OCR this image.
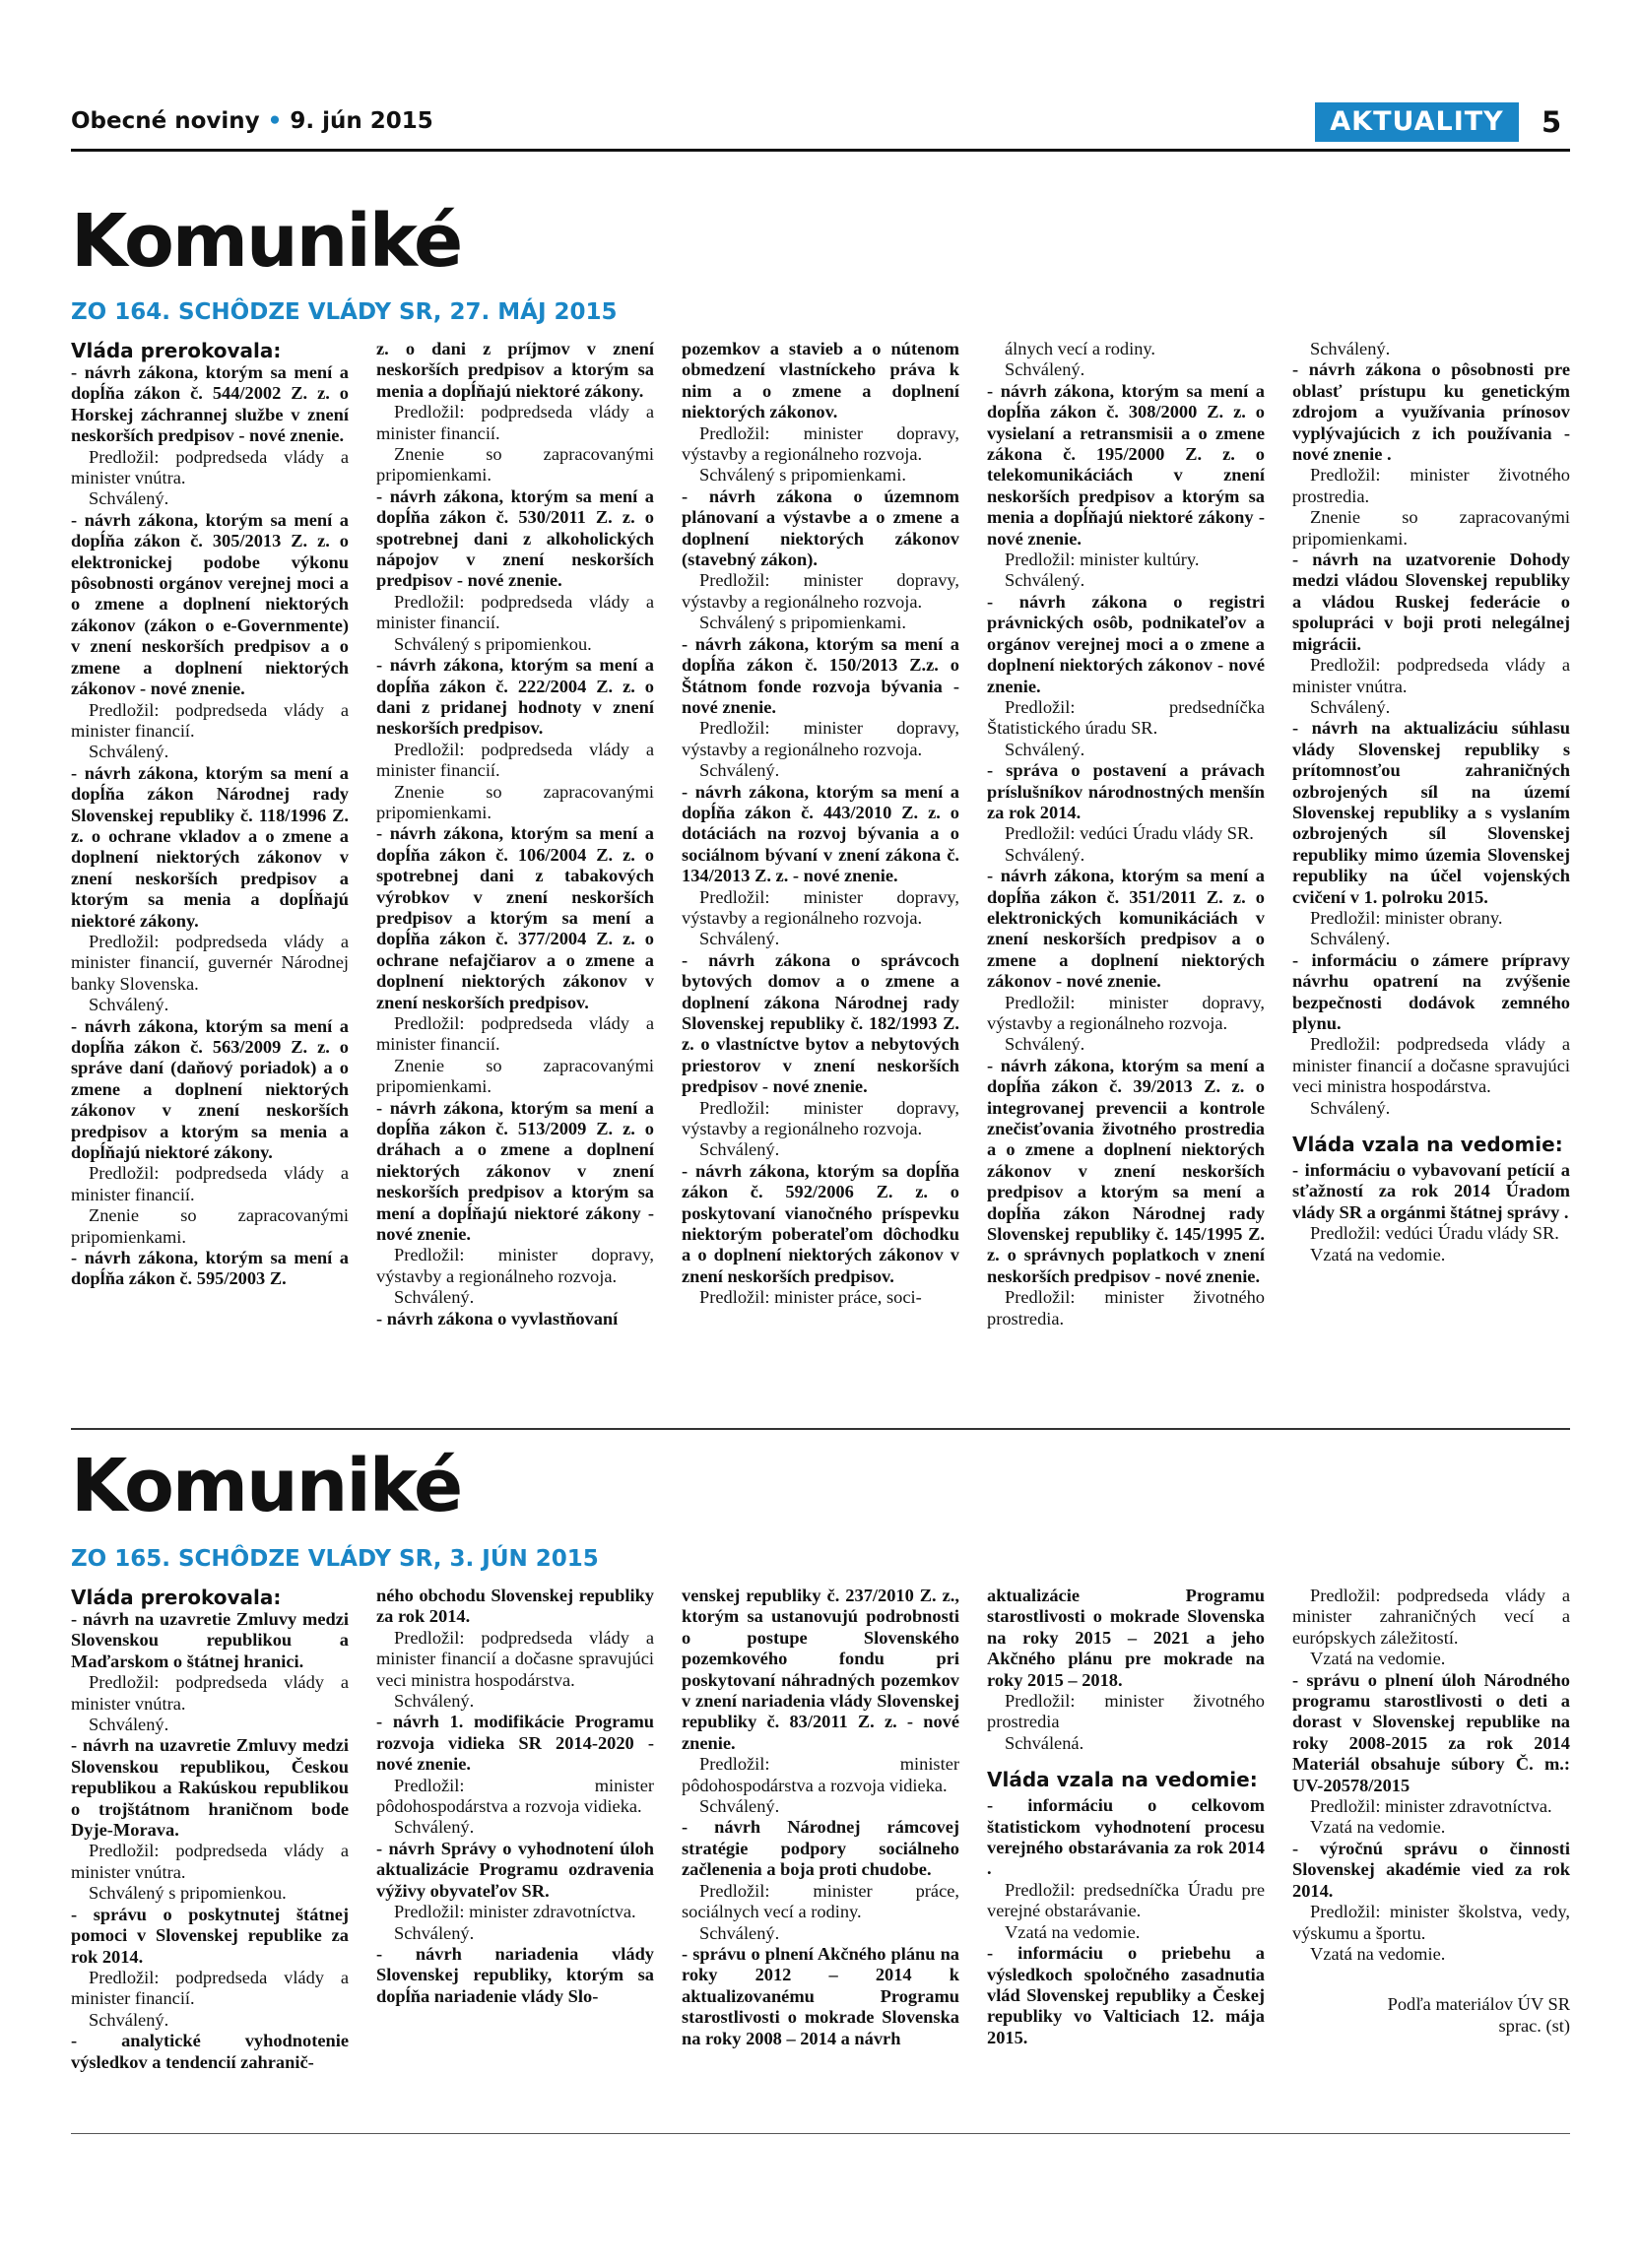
Obecné noviny • 9. jún 2015	AKTUALITY	5
Komuniké
ZO 164. SCHÔDZE VLÁDY SR, 27. MÁJ 2015

Vláda prerokovala:

- návrh zákona, ktorým sa mení a dopĺňa zákon č. 544/2002 Z. z. o Horskej záchrannej službe v znení neskorších predpisov - nové znenie.

Predložil: podpredseda vlády a minister vnútra.

Schválený.

- návrh zákona, ktorým sa mení a dopĺňa zákon č. 305/2013 Z. z. o elektronickej podobe výkonu pôsobnosti orgánov verejnej moci a o zmene a doplnení niektorých zákonov (zákon o e-Governmente) v znení neskorších predpisov a o zmene a doplnení niektorých zákonov - nové znenie.

Predložil: podpredseda vlády a minister financií.

Schválený.

- návrh zákona, ktorým sa mení a dopĺňa zákon Národnej rady Slovenskej republiky č. 118/1996 Z. z. o ochrane vkladov a o zmene a doplnení niektorých zákonov v znení neskorších predpisov a ktorým sa menia a dopĺňajú niektoré zákony.

Predložil: podpredseda vlády a minister financií, guvernér Národnej banky Slovenska.

Schválený.

- návrh zákona, ktorým sa mení a dopĺňa zákon č. 563/2009 Z. z. o správe daní (daňový poriadok) a o zmene a doplnení niektorých zákonov v znení neskorších predpisov a ktorým sa menia a dopĺňajú niektoré zákony.

Predložil: podpredseda vlády a minister financií.

Znenie so zapracovanými pripomienkami.

- návrh zákona, ktorým sa mení a dopĺňa zákon č. 595/2003 Z.

z. o dani z príjmov v znení neskorších predpisov a ktorým sa menia a dopĺňajú niektoré zákony.

Predložil: podpredseda vlády a minister financií.

Znenie so zapracovanými pripomienkami.

- návrh zákona, ktorým sa mení a dopĺňa zákon č. 530/2011 Z. z. o spotrebnej dani z alkoholických nápojov v znení neskorších predpisov - nové znenie.

Predložil: podpredseda vlády a minister financií.

Schválený s pripomienkou.

- návrh zákona, ktorým sa mení a dopĺňa zákon č. 222/2004 Z. z. o dani z pridanej hodnoty v znení neskorších predpisov.

Predložil: podpredseda vlády a minister financií.

Znenie so zapracovanými pripomienkami.

- návrh zákona, ktorým sa mení a dopĺňa zákon č. 106/2004 Z. z. o spotrebnej dani z tabakových výrobkov v znení neskorších predpisov a ktorým sa mení a dopĺňa zákon č. 377/2004 Z. z. o ochrane nefajčiarov a o zmene a doplnení niektorých zákonov v znení neskorších predpisov.

Predložil: podpredseda vlády a minister financií.

Znenie so zapracovanými pripomienkami.

- návrh zákona, ktorým sa mení a dopĺňa zákon č. 513/2009 Z. z. o dráhach a o zmene a doplnení niektorých zákonov v znení neskorších predpisov a ktorým sa mení a dopĺňajú niektoré zákony - nové znenie.

Predložil: minister dopravy, výstavby a regionálneho rozvoja.

Schválený.

- návrh zákona o vyvlastňovaní

pozemkov a stavieb a o nútenom obmedzení vlastníckeho práva k nim a o zmene a doplnení niektorých zákonov.

Predložil: minister dopravy, výstavby a regionálneho rozvoja.

Schválený s pripomienkami.

- návrh zákona o územnom plánovaní a výstavbe a o zmene a doplnení niektorých zákonov (stavebný zákon).

Predložil: minister dopravy, výstavby a regionálneho rozvoja.

Schválený s pripomienkami.

- návrh zákona, ktorým sa mení a dopĺňa zákon č. 150/2013 Z.z. o Štátnom fonde rozvoja bývania - nové znenie.

Predložil: minister dopravy, výstavby a regionálneho rozvoja.

Schválený.

- návrh zákona, ktorým sa mení a dopĺňa zákon č. 443/2010 Z. z. o dotáciách na rozvoj bývania a o sociálnom bývaní v znení zákona č. 134/2013 Z. z. - nové znenie.

Predložil: minister dopravy, výstavby a regionálneho rozvoja.

Schválený.

- návrh zákona o správcoch bytových domov a o zmene a doplnení zákona Národnej rady Slovenskej republiky č. 182/1993 Z. z. o vlastníctve bytov a nebytových priestorov v znení neskorších predpisov - nové znenie.

Predložil: minister dopravy, výstavby a regionálneho rozvoja.

Schválený.

- návrh zákona, ktorým sa dopĺňa zákon č. 592/2006 Z. z. o poskytovaní vianočného príspevku niektorým poberateľom dôchodku a o doplnení niektorých zákonov v znení neskorších predpisov.

Predložil: minister práce, soci-

álnych vecí a rodiny.

Schválený.

- návrh zákona, ktorým sa mení a dopĺňa zákon č. 308/2000 Z. z. o vysielaní a retransmisii a o zmene zákona č. 195/2000 Z. z. o telekomunikáciách v znení neskorších predpisov a ktorým sa menia a dopĺňajú niektoré zákony - nové znenie.

Predložil: minister kultúry.

Schválený.

- návrh zákona o registri právnických osôb, podnikateľov a orgánov verejnej moci a o zmene a doplnení niektorých zákonov - nové znenie.

Predložil: predsedníčka Štatistického úradu SR.

Schválený.

- správa o postavení a právach príslušníkov národnostných menšín za rok 2014.

Predložil: vedúci Úradu vlády SR.

Schválený.

- návrh zákona, ktorým sa mení a dopĺňa zákon č. 351/2011 Z. z. o elektronických komunikáciách v znení neskorších predpisov a o zmene a doplnení niektorých zákonov - nové znenie.

Predložil: minister dopravy, výstavby a regionálneho rozvoja.

Schválený.

- návrh zákona, ktorým sa mení a dopĺňa zákon č. 39/2013 Z. z. o integrovanej prevencii a kontrole znečisťovania životného prostredia a o zmene a doplnení niektorých zákonov v znení neskorších predpisov a ktorým sa mení a dopĺňa zákon Národnej rady Slovenskej republiky č. 145/1995 Z. z. o správnych poplatkoch v znení neskorších predpisov - nové znenie.

Predložil: minister životného prostredia.

Schválený.

- návrh zákona o pôsobnosti pre oblasť prístupu ku genetickým zdrojom a využívania prínosov vyplývajúcich z ich používania - nové znenie .

Predložil: minister životného prostredia.

Znenie so zapracovanými pripomienkami.

- návrh na uzatvorenie Dohody medzi vládou Slovenskej republiky a vládou Ruskej federácie o spolupráci v boji proti nelegálnej migrácii.

Predložil: podpredseda vlády a minister vnútra.

Schválený.

- návrh na aktualizáciu súhlasu vlády Slovenskej republiky s prítomnosťou zahraničných ozbrojených síl na území Slovenskej republiky a s vyslaním ozbrojených síl Slovenskej republiky mimo územia Slovenskej republiky na účel vojenských cvičení v 1. polroku 2015.

Predložil: minister obrany.

Schválený.

- informáciu o zámere prípravy návrhu opatrení na zvýšenie bezpečnosti dodávok zemného plynu.

Predložil: podpredseda vlády a minister financií a dočasne spravujúci veci ministra hospodárstva.

Schválený.

Vláda vzala na vedomie:

- informáciu o vybavovaní petícií a sťažností za rok 2014 Úradom vlády SR a orgánmi štátnej správy .

Predložil: vedúci Úradu vlády SR.

Vzatá na vedomie.

Komuniké
ZO 165. SCHÔDZE VLÁDY SR, 3. JÚN 2015

Vláda prerokovala:

- návrh na uzavretie Zmluvy medzi Slovenskou republikou a Maďarskom o štátnej hranici.

Predložil: podpredseda vlády a minister vnútra.

Schválený.

- návrh na uzavretie Zmluvy medzi Slovenskou republikou, Českou republikou a Rakúskou republikou o trojštátnom hraničnom bode Dyje-Morava.

Predložil: podpredseda vlády a minister vnútra.

Schválený s pripomienkou.

- správu o poskytnutej štátnej pomoci v Slovenskej republike za rok 2014.

Predložil: podpredseda vlády a minister financií.

Schválený.

- analytické vyhodnotenie výsledkov a tendencií zahranič-

ného obchodu Slovenskej republiky za rok 2014.

Predložil: podpredseda vlády a minister financií a dočasne spravujúci veci ministra hospodárstva.

Schválený.

- návrh 1. modifikácie Programu rozvoja vidieka SR 2014-2020 - nové znenie.

Predložil: minister pôdohospodárstva a rozvoja vidieka.

Schválený.

- návrh Správy o vyhodnotení úloh aktualizácie Programu ozdravenia výživy obyvateľov SR.

Predložil: minister zdravotníctva.

Schválený.

- návrh nariadenia vlády Slovenskej republiky, ktorým sa dopĺňa nariadenie vlády Slo-

venskej republiky č. 237/2010 Z. z., ktorým sa ustanovujú podrobnosti o postupe Slovenského pozemkového fondu pri poskytovaní náhradných pozemkov v znení nariadenia vlády Slovenskej republiky č. 83/2011 Z. z. - nové znenie.

Predložil: minister pôdohospodárstva a rozvoja vidieka.

Schválený.

- návrh Národnej rámcovej stratégie podpory sociálneho začlenenia a boja proti chudobe.

Predložil: minister práce, sociálnych vecí a rodiny.

Schválený.

- správu o plnení Akčného plánu na roky 2012 – 2014 k aktualizovanému Programu starostlivosti o mokrade Slovenska na roky 2008 – 2014 a návrh

aktualizácie Programu starostlivosti o mokrade Slovenska na roky 2015 – 2021 a jeho Akčného plánu pre mokrade na roky 2015 – 2018.

Predložil: minister životného prostredia

Schválená.

Vláda vzala na vedomie:

- informáciu o celkovom štatistickom vyhodnotení procesu verejného obstarávania za rok 2014 .

Predložil: predsedníčka Úradu pre verejné obstarávanie.

Vzatá na vedomie.

- informáciu o priebehu a výsledkoch spoločného zasadnutia vlád Slovenskej republiky a Českej republiky vo Valticiach 12. mája 2015.

Predložil: podpredseda vlády a minister zahraničných vecí a európskych záležitostí.

Vzatá na vedomie.

- správu o plnení úloh Národného programu starostlivosti o deti a dorast v Slovenskej republike na roky 2008-2015 za rok 2014 Materiál obsahuje súbory Č. m.: UV-20578/2015

Predložil: minister zdravotníctva.

Vzatá na vedomie.

- výročnú správu o činnosti Slovenskej akadémie vied za rok 2014.

Predložil: minister školstva, vedy, výskumu a športu.

Vzatá na vedomie.

Podľa materiálov ÚV SR

sprac. (st)
